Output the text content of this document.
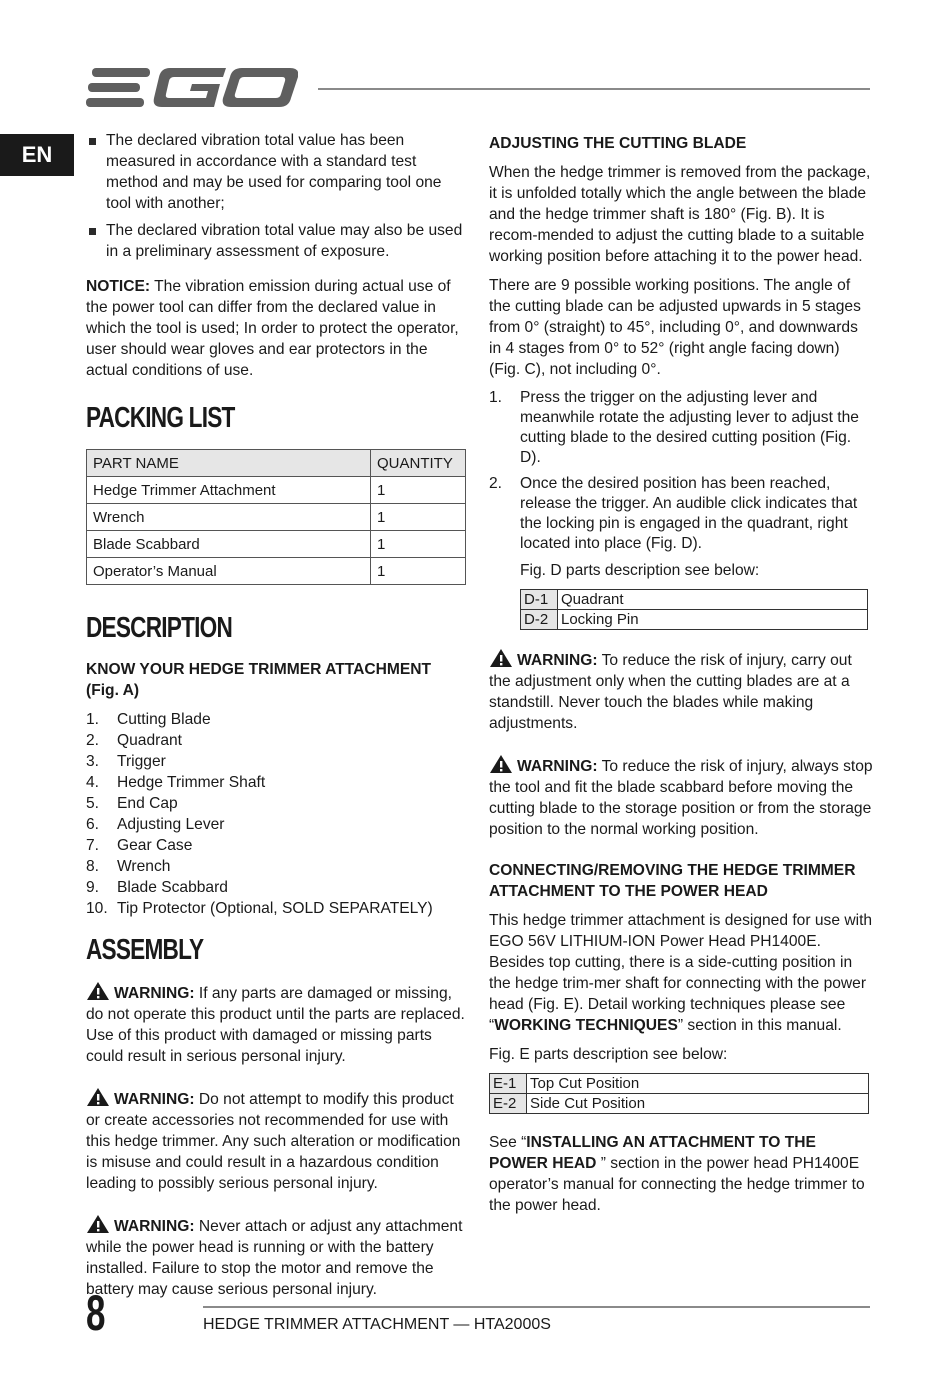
EN
The declared vibration total value has been measured in accordance with a standard test method and may be used for comparing tool one tool with another;
The declared vibration total value may also be used in a preliminary assessment of exposure.

NOTICE: The vibration emission during actual use of the power tool can differ from the declared value in which the tool is used; In order to protect the operator, user should wear gloves and ear protectors in the actual conditions of use.

PACKING LIST
PART NAME	QUANTITY
Hedge Trimmer Attachment	1
Wrench	1
Blade Scabbard	1
Operator’s Manual	1
DESCRIPTION
KNOW YOUR HEDGE TRIMMER ATTACHMENT (Fig. A)
1. Cutting Blade
2. Quadrant
3. Trigger
4. Hedge Trimmer Shaft
5. End Cap
6. Adjusting Lever
7. Gear Case
8. Wrench
9. Blade Scabbard
10. Tip Protector (Optional, SOLD SEPARATELY)
ASSEMBLY

WARNING: If any parts are damaged or missing, do not operate this product until the parts are replaced. Use of this product with damaged or missing parts could result in serious personal injury.

WARNING: Do not attempt to modify this product or create accessories not recommended for use with this hedge trimmer. Any such alteration or modification is misuse and could result in a hazardous condition leading to possibly serious personal injury.

WARNING: Never attach or adjust any attachment while the power head is running or with the battery installed. Failure to stop the motor and remove the battery may cause serious personal injury.

ADJUSTING THE CUTTING BLADE

When the hedge trimmer is removed from the package, it is unfolded totally which the angle between the blade and the hedge trimmer shaft is 180° (Fig. B). It is recom-mended to adjust the cutting blade to a suitable working position before attaching it to the power head.

There are 9 possible working positions. The angle of the cutting blade can be adjusted upwards in 5 stages from 0° (straight) to 45°, including 0°, and downwards in 4 stages from 0° to 52° (right angle facing down) (Fig. C), not including 0°.

1. Press the trigger on the adjusting lever and meanwhile rotate the adjusting lever to adjust the cutting blade to the desired cutting position (Fig. D).
2. Once the desired position has been reached, release the trigger. An audible click indicates that the locking pin is engaged in the quadrant, right located into place (Fig. D).

Fig. D parts description see below:

D-1	Quadrant
D-2	Locking Pin

WARNING: To reduce the risk of injury, carry out the adjustment only when the cutting blades are at a standstill. Never touch the blades while making adjustments.

WARNING: To reduce the risk of injury, always stop the tool and fit the blade scabbard before moving the cutting blade to the storage position or from the storage position to the normal working position.

CONNECTING/REMOVING THE HEDGE TRIMMER ATTACHMENT TO THE POWER HEAD

This hedge trimmer attachment is designed for use with EGO 56V LITHIUM-ION Power Head PH1400E. Besides top cutting, there is a side-cutting position in the hedge trim-mer shaft for connecting with the power head (Fig. E). Detail working techniques please see “WORKING TECHNIQUES” section in this manual.

Fig. E parts description see below:

E-1	Top Cut Position
E-2	Side Cut Position

See “INSTALLING AN ATTACHMENT TO THE POWER HEAD ” section in the power head PH1400E operator’s manual for connecting the hedge trimmer to the power head.

8	HEDGE TRIMMER ATTACHMENT — HTA2000S
